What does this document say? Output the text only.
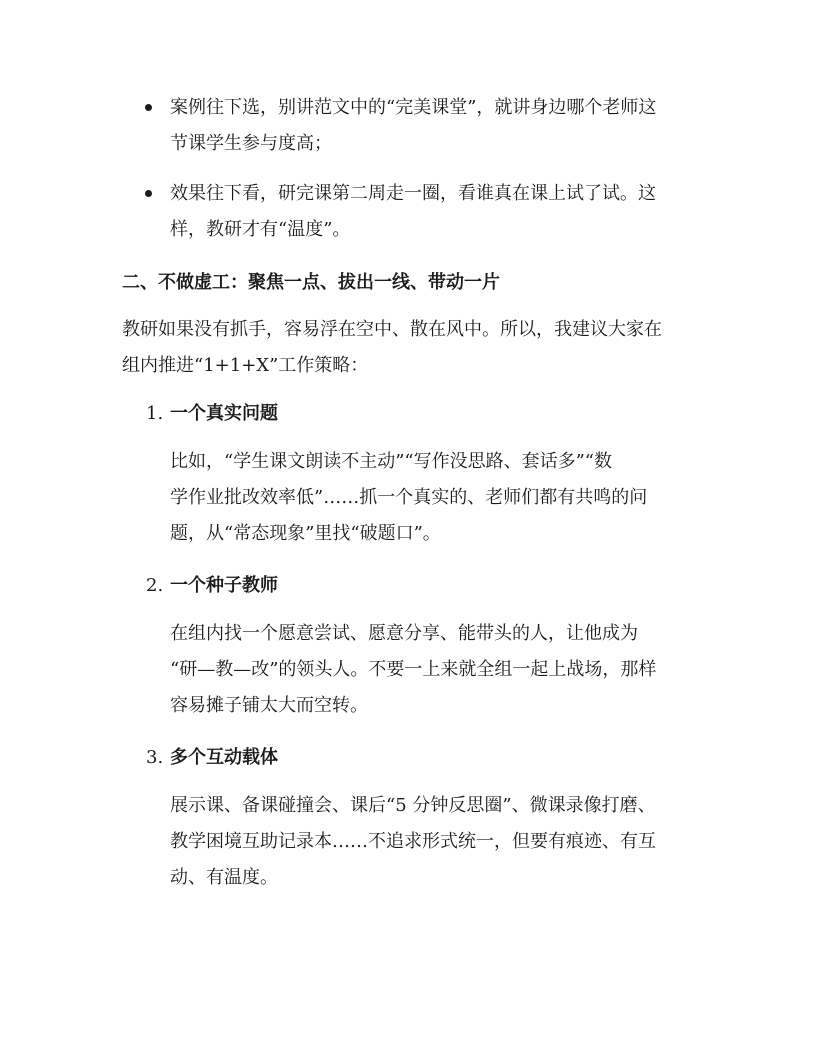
案例往下选，别讲范文中的“完美课堂”，就讲身边哪个老师这

节课学生参与度高；

效果往下看，研完课第二周走一圈，看谁真在课上试了试。这

样，教研才有“温度”。

二、不做虚工：聚焦一点、拔出一线、带动一片

教研如果没有抓手，容易浮在空中、散在风中。所以，我建议大家在

组内推进“1+1+X”工作策略：

1. 一个真实问题

比如，“学生课文朗读不主动”“写作没思路、套话多”“数

学作业批改效率低”……抓一个真实的、老师们都有共鸣的问

题，从“常态现象”里找“破题口”。

2. 一个种子教师

在组内找一个愿意尝试、愿意分享、能带头的人，让他成为

“研—教—改”的领头人。不要一上来就全组一起上战场，那样

容易摊子铺太大而空转。

3. 多个互动载体

展示课、备课碰撞会、课后“5 分钟反思圈”、微课录像打磨、

教学困境互助记录本……不追求形式统一，但要有痕迹、有互

动、有温度。
